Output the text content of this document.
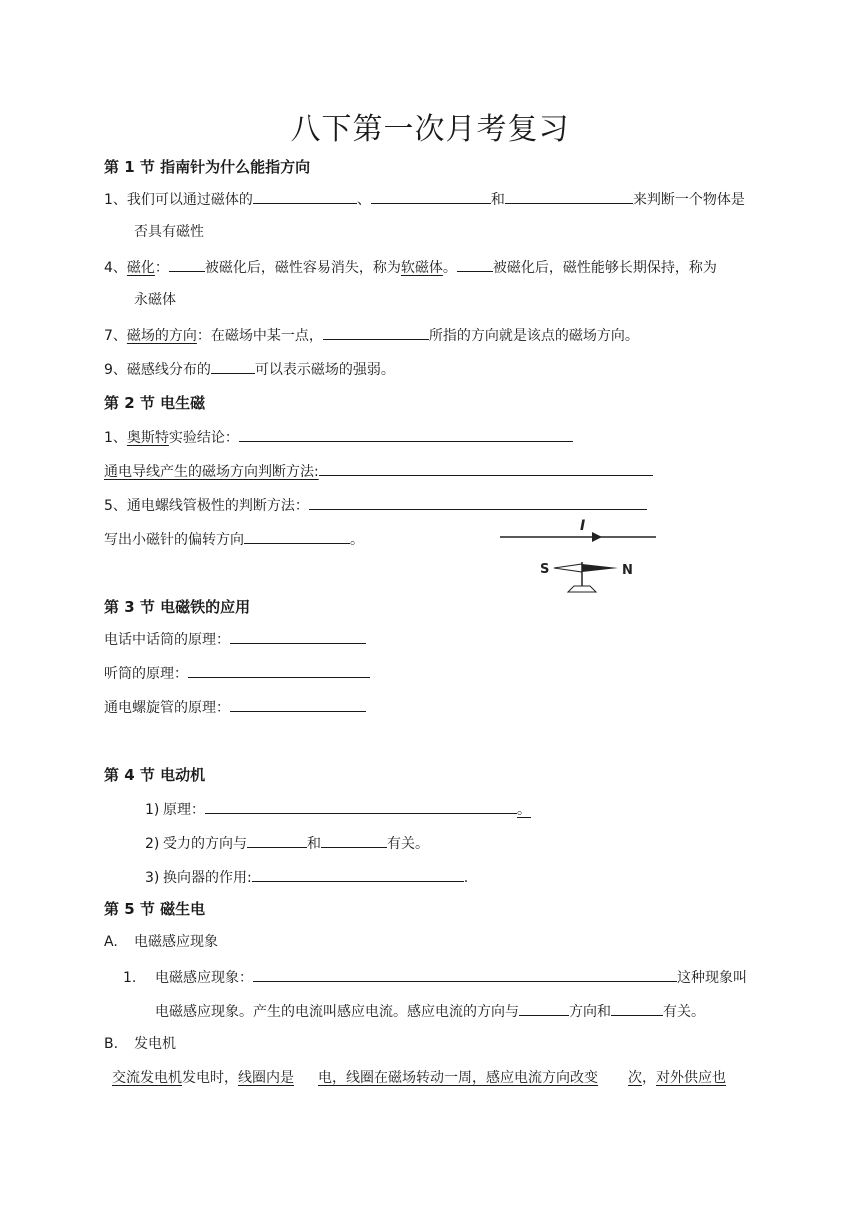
八下第一次月考复习
第 1 节 指南针为什么能指方向
1、我们可以通过磁体的	、	和	来判断一个物体是
否具有磁性
4、磁化：	被磁化后，磁性容易消失，称为软磁体。	被磁化后，磁性能够长期保持，称为
永磁体
7、磁场的方向：在磁场中某一点，	所指的方向就是该点的磁场方向。
9、磁感线分布的	可以表示磁场的强弱。
第 2 节 电生磁
1、奥斯特实验结论：
通电导线产生的磁场方向判断方法:
5、通电螺线管极性的判断方法：
写出小磁针的偏转方向	。
I
S	N
第 3 节 电磁铁的应用
电话中话筒的原理：
听筒的原理：
通电螺旋管的原理：
第 4 节 电动机
1) 原理：	。
2) 受力的方向与	和	有关。
3) 换向器的作用:	.
第 5 节 磁生电
A. 电磁感应现象
1. 电磁感应现象：	这种现象叫
电磁感应现象。产生的电流叫感应电流。感应电流的方向与	方向和	有关。
B. 发电机
交流发电机发电时，线圈内是 电，线圈在磁场转动一周，感应电流方向改变 次，对外供应也
